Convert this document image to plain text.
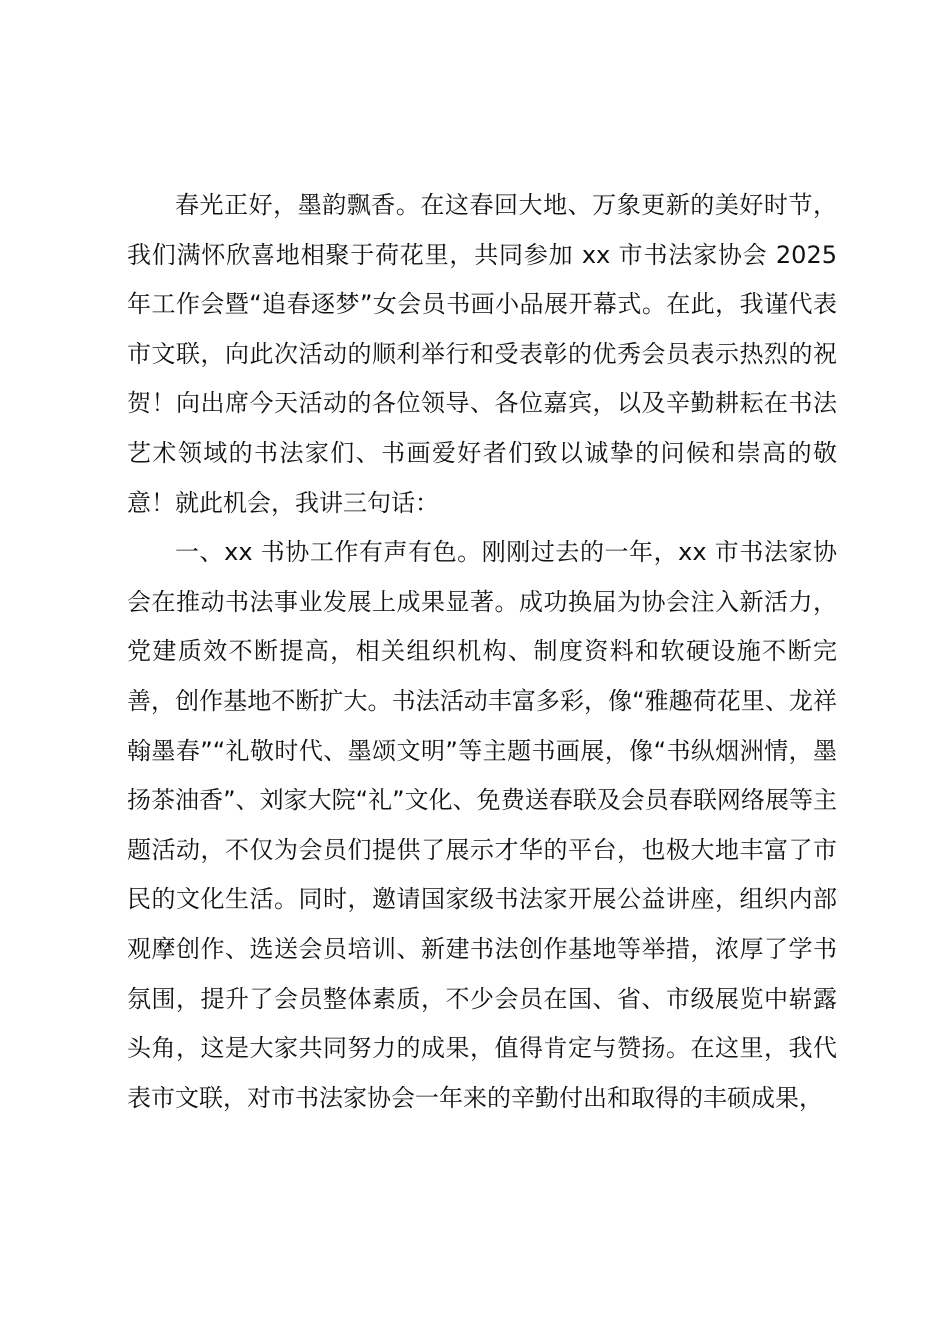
春光正好，墨韵飘香。在这春回大地、万象更新的美好时节，我们满怀欣喜地相聚于荷花里，共同参加 xx 市书法家协会 2025 年工作会暨“追春逐梦”女会员书画小品展开幕式。在此，我谨代表市文联，向此次活动的顺利举行和受表彰的优秀会员表示热烈的祝贺！向出席今天活动的各位领导、各位嘉宾，以及辛勤耕耘在书法艺术领域的书法家们、书画爱好者们致以诚挚的问候和崇高的敬意！就此机会，我讲三句话：

一、xx 书协工作有声有色。刚刚过去的一年，xx 市书法家协会在推动书法事业发展上成果显著。成功换届为协会注入新活力，党建质效不断提高，相关组织机构、制度资料和软硬设施不断完善，创作基地不断扩大。书法活动丰富多彩，像“雅趣荷花里、龙祥翰墨春”“礼敬时代、墨颂文明”等主题书画展，像“书纵烟洲情，墨扬茶油香”、刘家大院“礼”文化、免费送春联及会员春联网络展等主题活动，不仅为会员们提供了展示才华的平台，也极大地丰富了市民的文化生活。同时，邀请国家级书法家开展公益讲座，组织内部观摩创作、选送会员培训、新建书法创作基地等举措，浓厚了学书氛围，提升了会员整体素质，不少会员在国、省、市级展览中崭露头角，这是大家共同努力的成果，值得肯定与赞扬。在这里，我代表市文联，对市书法家协会一年来的辛勤付出和取得的丰硕成果，
